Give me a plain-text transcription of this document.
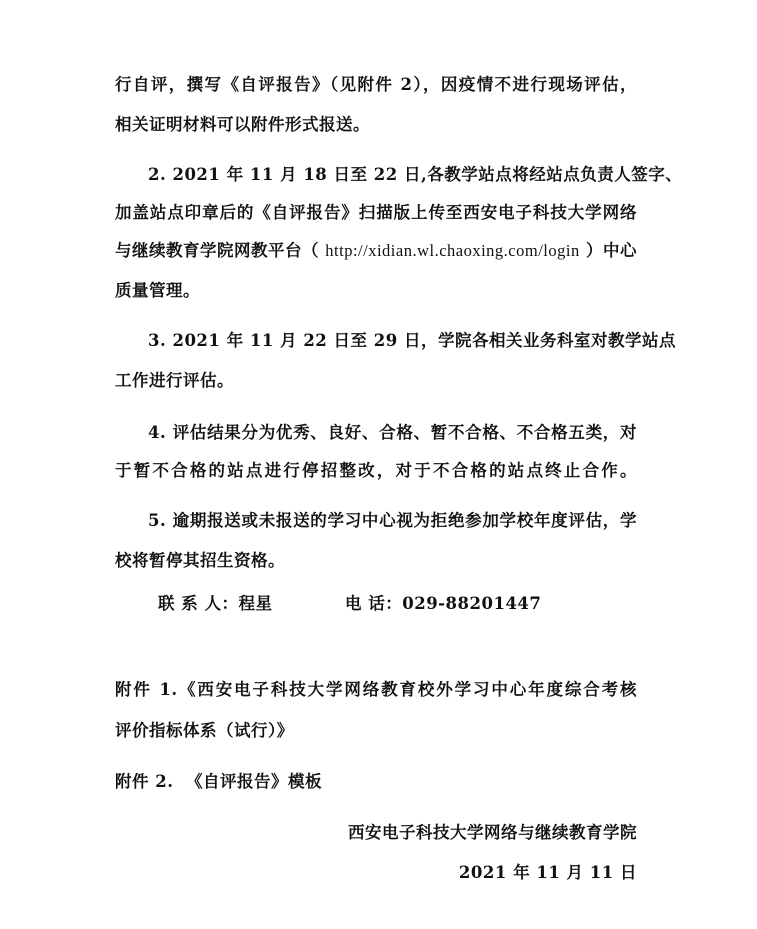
行自评，撰写《自评报告》（见附件 2），因疫情不进行现场评估，
相关证明材料可以附件形式报送。
2. 2021 年 11 月 18 日至 22 日,各教学站点将经站点负责人签字、
加盖站点印章后的《自评报告》扫描版上传至西安电子科技大学网络
与继续教育学院网教平台（ http://xidian.wl.chaoxing.com/login ）中心
质量管理。
3. 2021 年 11 月 22 日至 29 日，学院各相关业务科室对教学站点
工作进行评估。
4. 评估结果分为优秀、良好、合格、暂不合格、不合格五类，对
于暂不合格的站点进行停招整改，对于不合格的站点终止合作。
5. 逾期报送或未报送的学习中心视为拒绝参加学校年度评估，学
校将暂停其招生资格。
联 系 人：程星	电 话：029-88201447
附件 1.《西安电子科技大学网络教育校外学习中心年度综合考核
评价指标体系（试行）》
附件 2.  《自评报告》模板
西安电子科技大学网络与继续教育学院
2021 年 11 月 11 日
